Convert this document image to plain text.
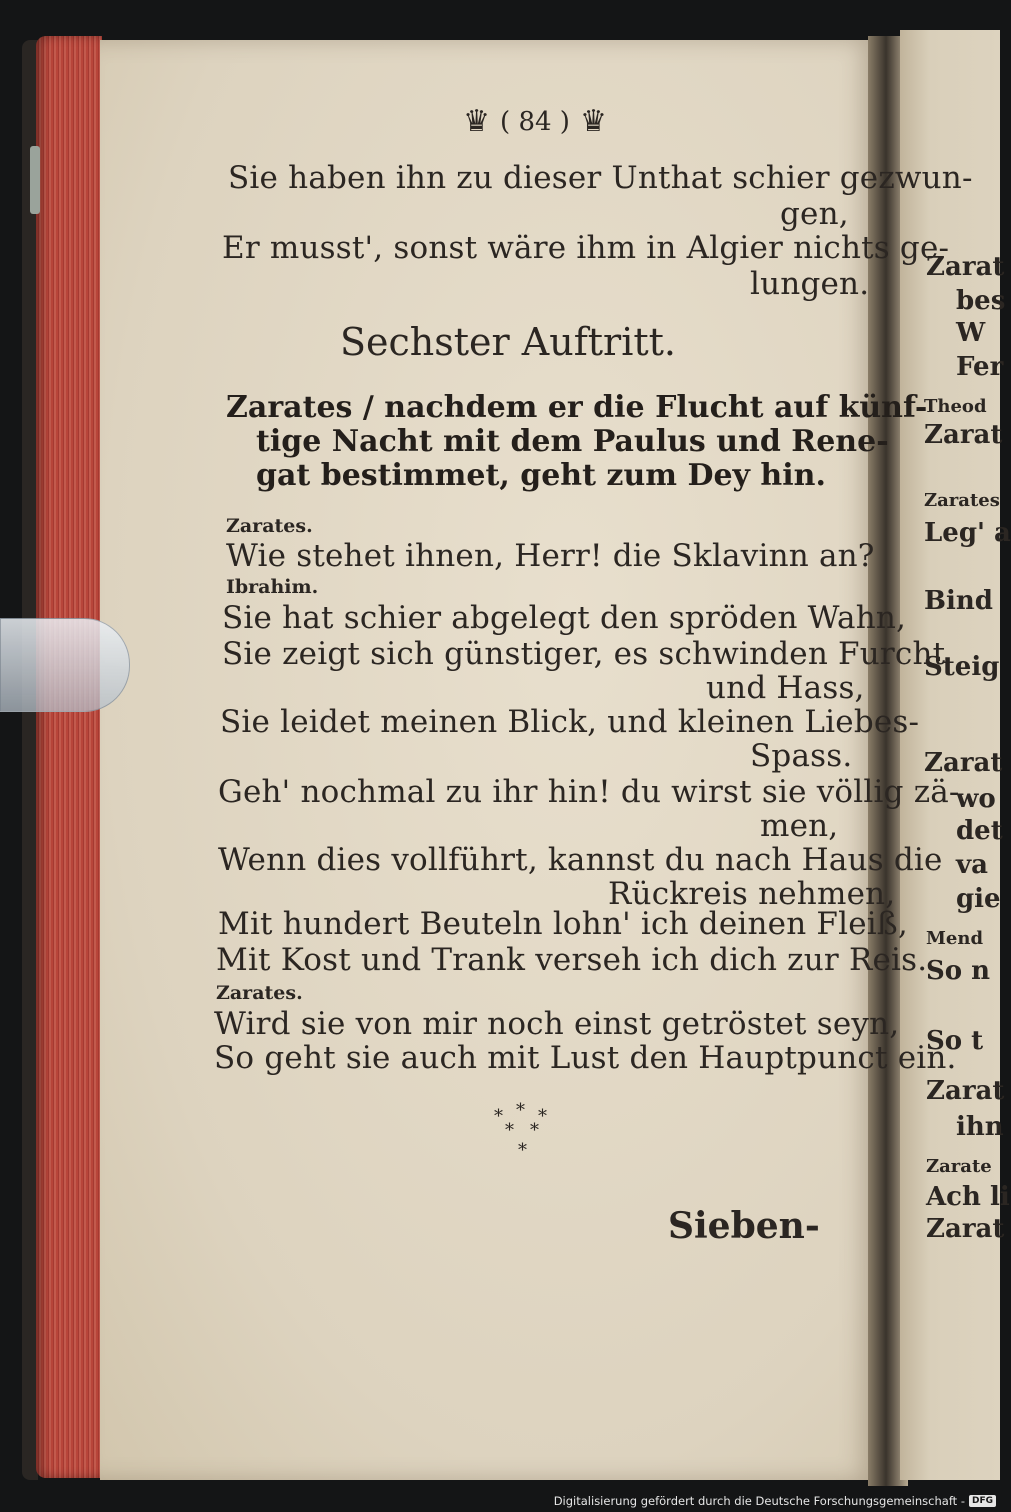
♛ ( 84 ) ♛
Sie haben ihn zu dieser Unthat schier gezwun-
gen,
Er musst', sonst wäre ihm in Algier nichts ge-
lungen.
Sechster Auftritt.
Zarates / nachdem er die Flucht auf künf-
tige Nacht mit dem Paulus und Rene-
gat bestimmet, geht zum Dey hin.
Zarates.
Wie stehet ihnen, Herr! die Sklavinn an?
Ibrahim.
Sie hat schier abgelegt den spröden Wahn,
Sie zeigt sich günstiger, es schwinden Furcht
und Hass,
Sie leidet meinen Blick, und kleinen Liebes-
Spass.
Geh' nochmal zu ihr hin! du wirst sie völlig zä-
men,
Wenn dies vollführt, kannst du nach Haus die
Rückreis nehmen,
Mit hundert Beuteln lohn' ich deinen Fleiß,
Mit Kost und Trank verseh ich dich zur Reis.
Zarates.
Wird sie von mir noch einst getröstet seyn,
So geht sie auch mit Lust den Hauptpunct ein.
* * *
* *
*
Sieben-
Zarat
bes
W
Fer
Theod
Zarat
Zarates
Leg' a
Bind
Steig
Zarat
wo
det
va
gie
Mend
So n
So t
Zarat
ihn
Zarate
Ach li
Zarat
Digitalisierung gefördert durch die Deutsche Forschungsgemeinschaft - DFG
